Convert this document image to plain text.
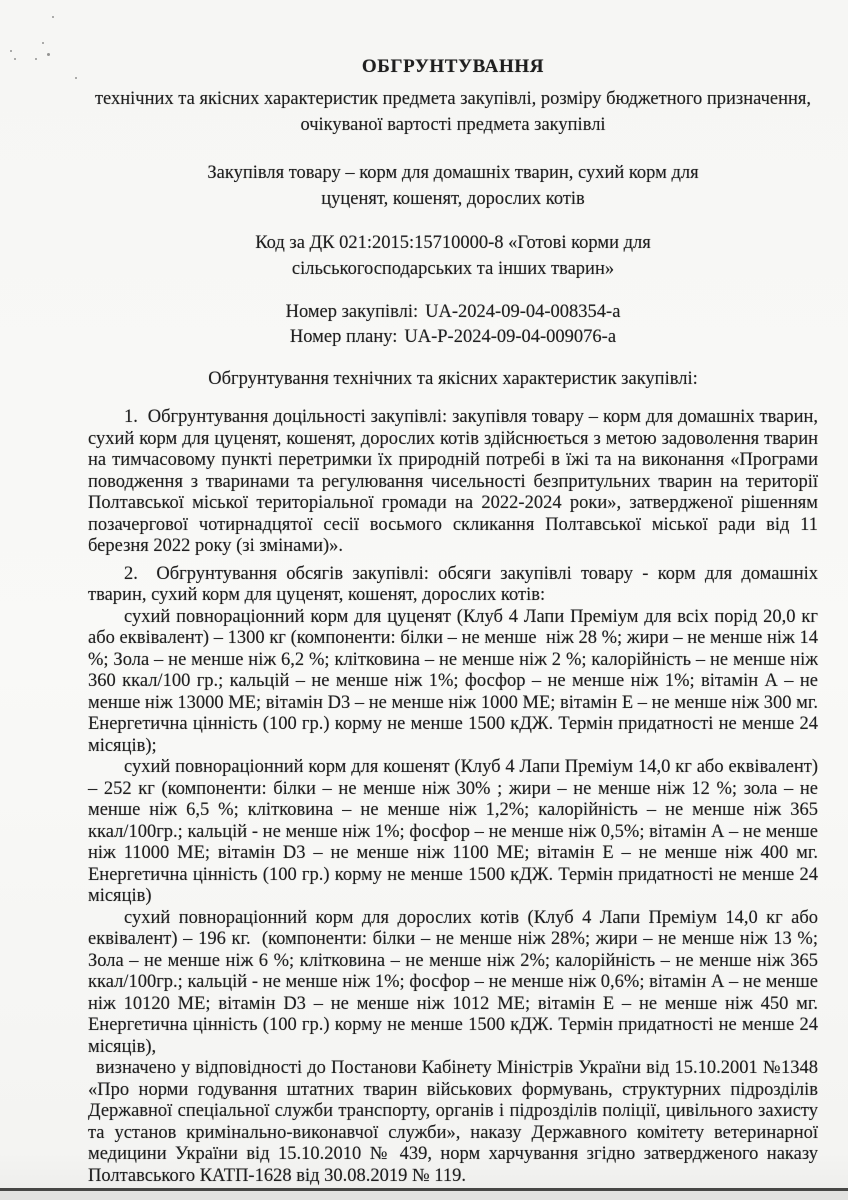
ОБГРУНТУВАННЯ

технічних та якісних характеристик предмета закупівлі, розміру бюджетного призначення, очікуваної вартості предмета закупівлі

Закупівля товару – корм для домашніх тварин, сухий корм для цуценят, кошенят, дорослих котів

Код за ДК 021:2015:15710000-8 «Готові корми для сільськогосподарських та інших тварин»

Номер закупівлі: UA-2024-09-04-008354-a

Номер плану: UA-P-2024-09-04-009076-a

Обгрунтування технічних та якісних характеристик закупівлі:

1.  Обгрунтування доцільності закупівлі: закупівля товару – корм для домашніх тварин, сухий корм для цуценят, кошенят, дорослих котів здійснюється з метою задоволення тварин на тимчасовому пункті перетримки їх природній потребі в їжі та на виконання «Програми поводження з тваринами та регулювання чисельності безпритульних тварин на території Полтавської міської територіальної громади на 2022-2024 роки», затвердженої рішенням позачергової чотирнадцятої сесії восьмого скликання Полтавської міської ради від 11 березня 2022 року (зі змінами)».

2.  Обгрунтування обсягів закупівлі: обсяги закупівлі товару - корм для домашніх тварин, сухий корм для цуценят, кошенят, дорослих котів:

сухий повнораціонний корм для цуценят (Клуб 4 Лапи Преміум для всіх порід 20,0 кг або еквівалент) – 1300 кг (компоненти: білки – не менше  ніж 28 %; жири – не менше ніж 14 %; Зола – не менше ніж 6,2 %; клітковина – не менше ніж 2 %; калорійність – не менше ніж 360 ккал/100 гр.; кальцій – не менше ніж 1%; фосфор – не менше ніж 1%; вітамін А – не менше ніж 13000 МЕ; вітамін D3 – не менше ніж 1000 МЕ; вітамін Е – не менше ніж 300 мг. Енергетична цінність (100 гр.) корму не менше 1500 кДЖ. Термін придатності не менше 24 місяців);

сухий повнораціонний корм для кошенят (Клуб 4 Лапи Преміум 14,0 кг або еквівалент) – 252 кг (компоненти: білки – не менше ніж 30% ; жири – не менше ніж 12 %; зола – не менше ніж 6,5 %; клітковина – не менше ніж 1,2%; калорійність – не менше ніж 365 ккал/100гр.; кальцій - не менше ніж 1%; фосфор – не менше ніж 0,5%; вітамін А – не менше ніж 11000 МЕ; вітамін D3 – не менше ніж 1100 МЕ; вітамін Е – не менше ніж 400 мг. Енергетична цінність (100 гр.) корму не менше 1500 кДЖ. Термін придатності не менше 24 місяців)

сухий повнораціонний корм для дорослих котів (Клуб 4 Лапи Преміум 14,0 кг або еквівалент) – 196 кг.  (компоненти: білки – не менше ніж 28%; жири – не менше ніж 13 %; Зола – не менше ніж 6 %; клітковина – не менше ніж 2%; калорійність – не менше ніж 365 ккал/100гр.; кальцій - не менше ніж 1%; фосфор – не менше ніж 0,6%; вітамін А – не менше ніж 10120 МЕ; вітамін D3 – не менше ніж 1012 МЕ; вітамін Е – не менше ніж 450 мг. Енергетична цінність (100 гр.) корму не менше 1500 кДЖ. Термін придатності не менше 24 місяців),

визначено у відповідності до Постанови Кабінету Міністрів України від 15.10.2001 №1348 «Про норми годування штатних тварин військових формувань, структурних підрозділів Державної спеціальної служби транспорту, органів і підрозділів поліції, цивільного захисту та установ кримінально-виконавчої служби», наказу Державного комітету ветеринарної медицини України від 15.10.2010 № 439, норм харчування згідно затвердженого наказу Полтавського КАТП-1628 від 30.08.2019 № 119.
